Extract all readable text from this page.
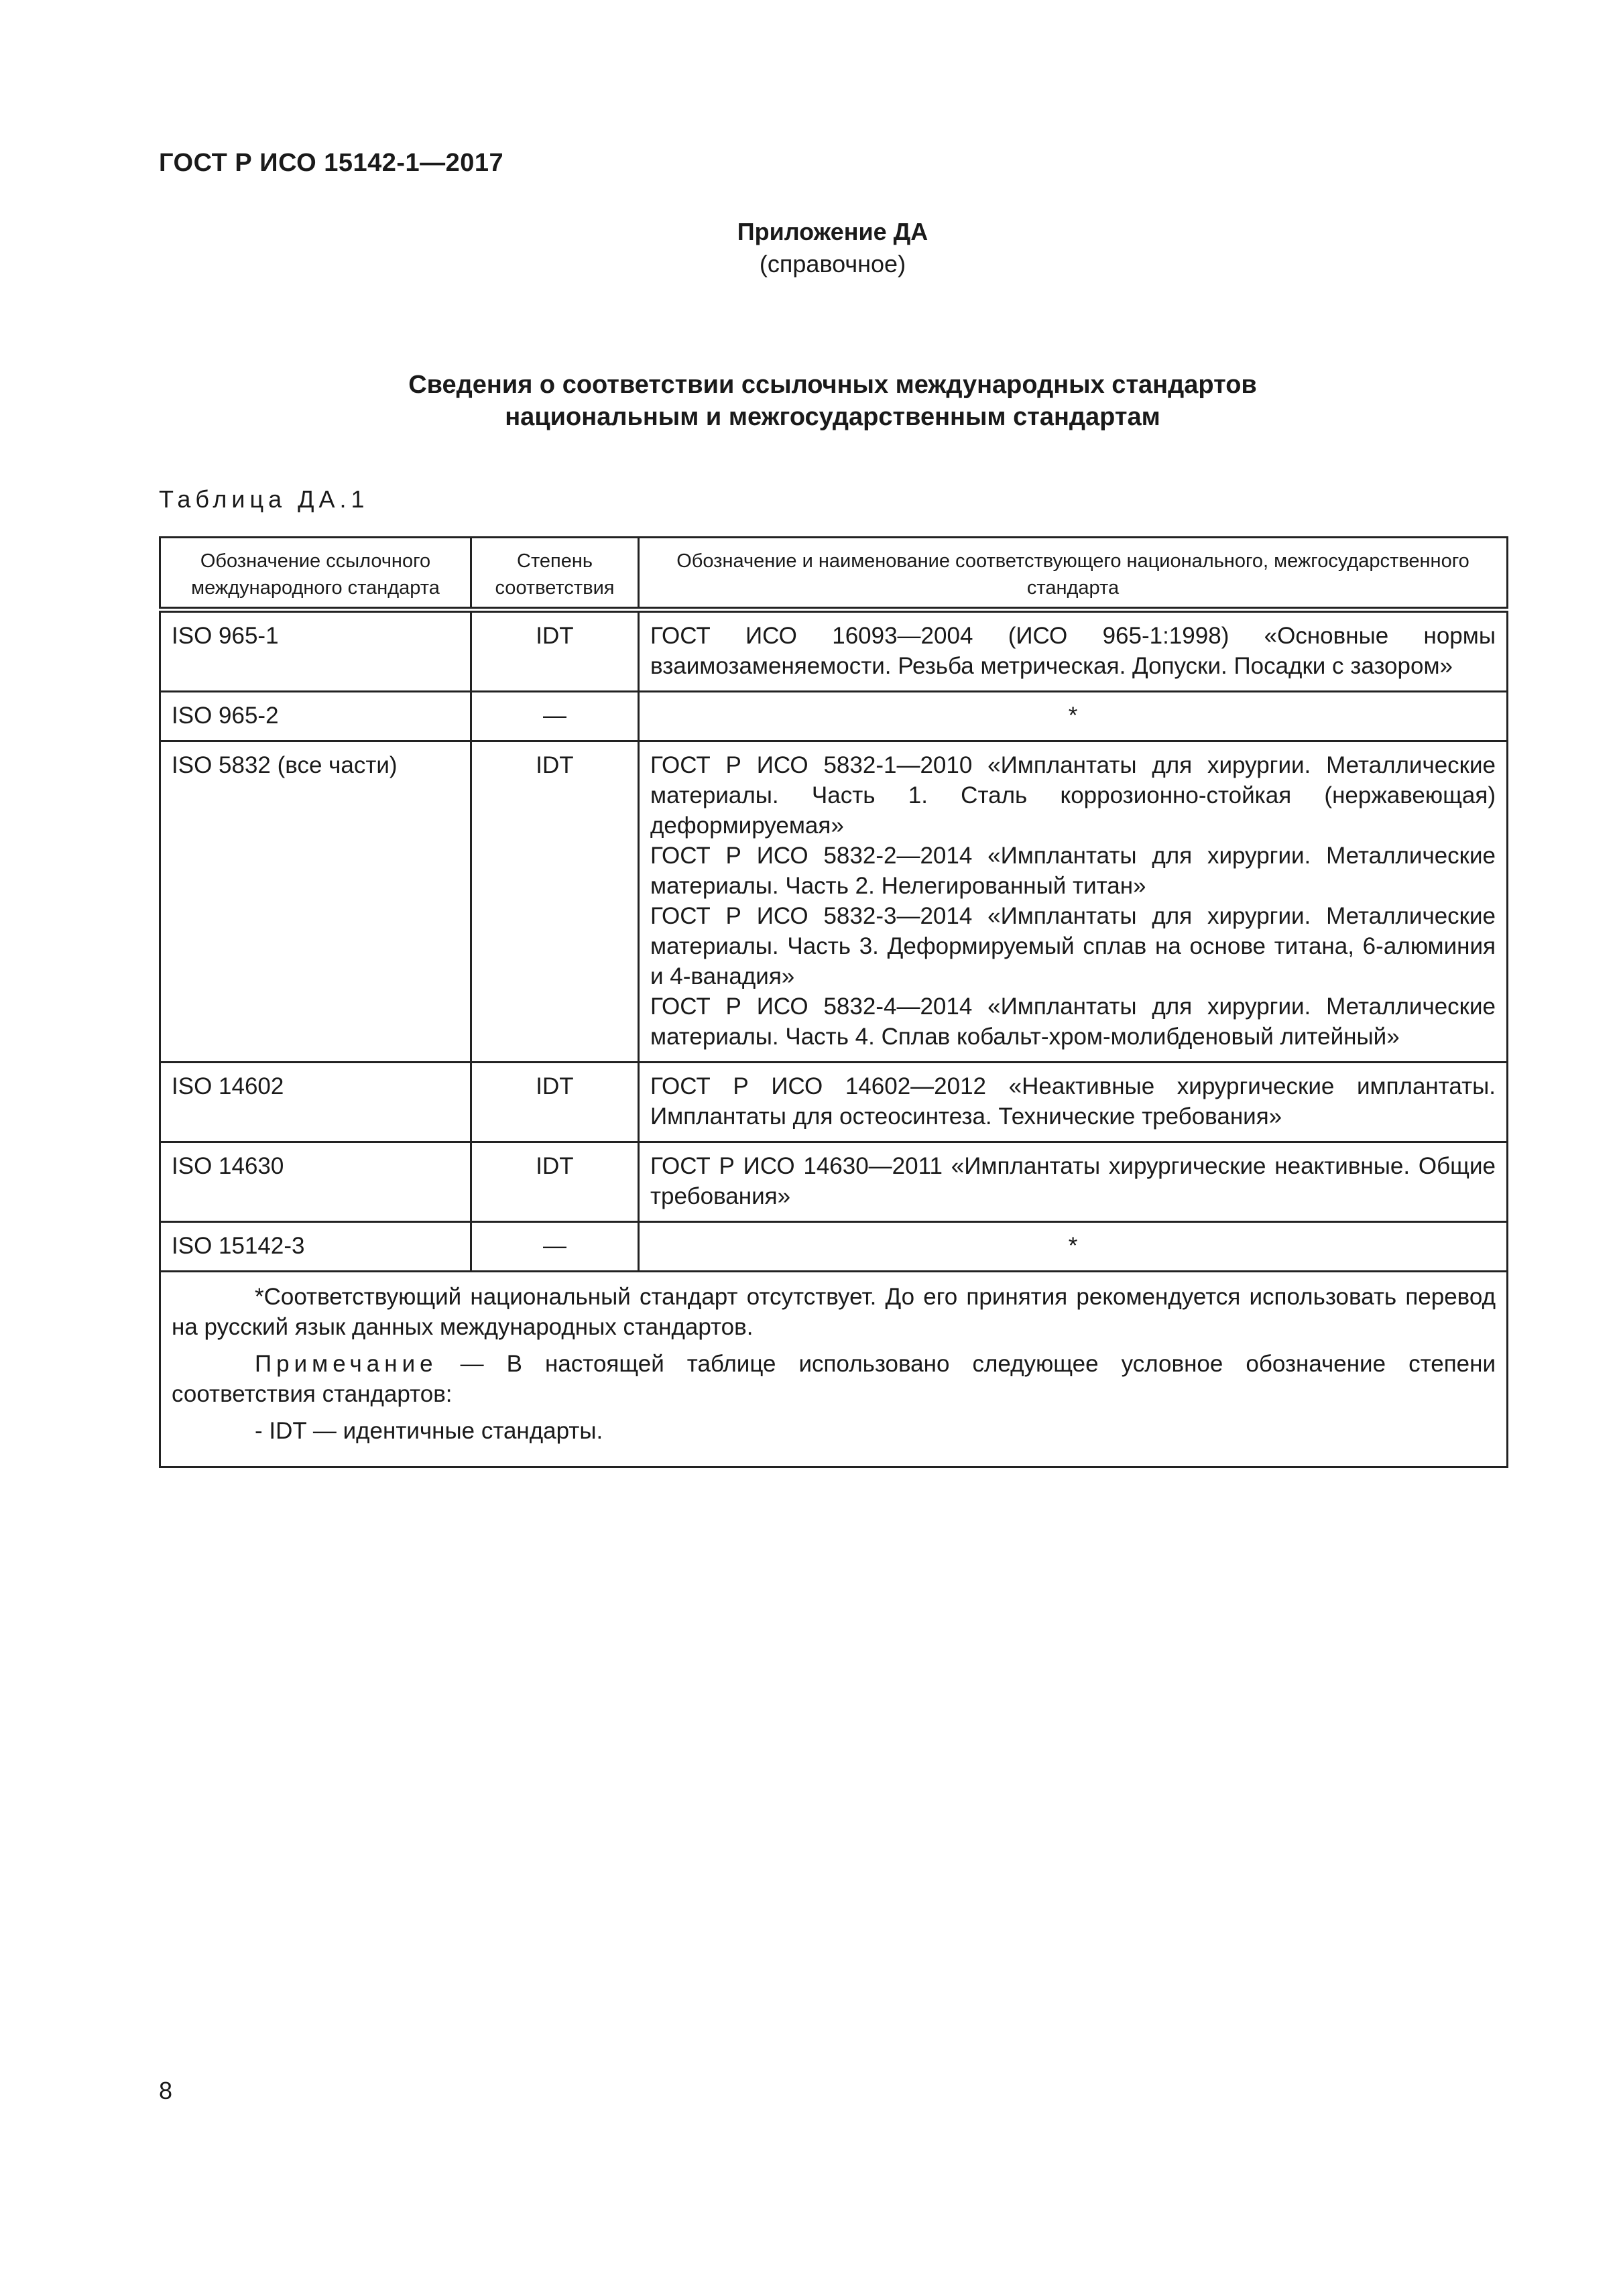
ГОСТ Р ИСО 15142-1—2017
Приложение ДА
(справочное)
Сведения о соответствии ссылочных международных стандартов
национальным и межгосударственным стандартам
Таблица ДА.1
Обозначение ссылочного международного стандарта	Степень соответствия	Обозначение и наименование соответствующего национального, межгосударственного стандарта
ISO 965-1	IDT	ГОСТ ИСО 16093—2004 (ИСО 965-1:1998) «Основные нормы взаимозаменяемости. Резьба метрическая. Допуски. Посадки с зазором»

ISO 965-2	—	*
ISO 5832 (все части)	IDT	ГОСТ Р ИСО 5832-1—2010 «Имплантаты для хирургии. Металлические материалы. Часть 1. Сталь коррозионно-стойкая (нержавеющая) деформируемая»
ГОСТ Р ИСО 5832-2—2014 «Имплантаты для хирургии. Металлические материалы. Часть 2. Нелегированный титан»
ГОСТ Р ИСО 5832-3—2014 «Имплантаты для хирургии. Металлические материалы. Часть 3. Деформируемый сплав на основе титана, 6-алюминия и 4-ванадия»
ГОСТ Р ИСО 5832-4—2014 «Имплантаты для хирургии. Металлические материалы. Часть 4. Сплав кобальт-хром-молибденовый литейный»

ISO 14602	IDT	ГОСТ Р ИСО 14602—2012 «Неактивные хирургические имплантаты. Имплантаты для остеосинтеза. Технические требования»

ISO 14630	IDT	ГОСТ Р ИСО 14630—2011 «Имплантаты хирургические неактивные. Общие требования»

ISO 15142-3	—	*

*Соответствующий национальный стандарт отсутствует. До его принятия рекомендуется использовать перевод на русский язык данных международных стандартов.

Примечание — В настоящей таблице использовано следующее условное обозначение степени соответствия стандартов:

- IDT — идентичные стандарты.		

8
